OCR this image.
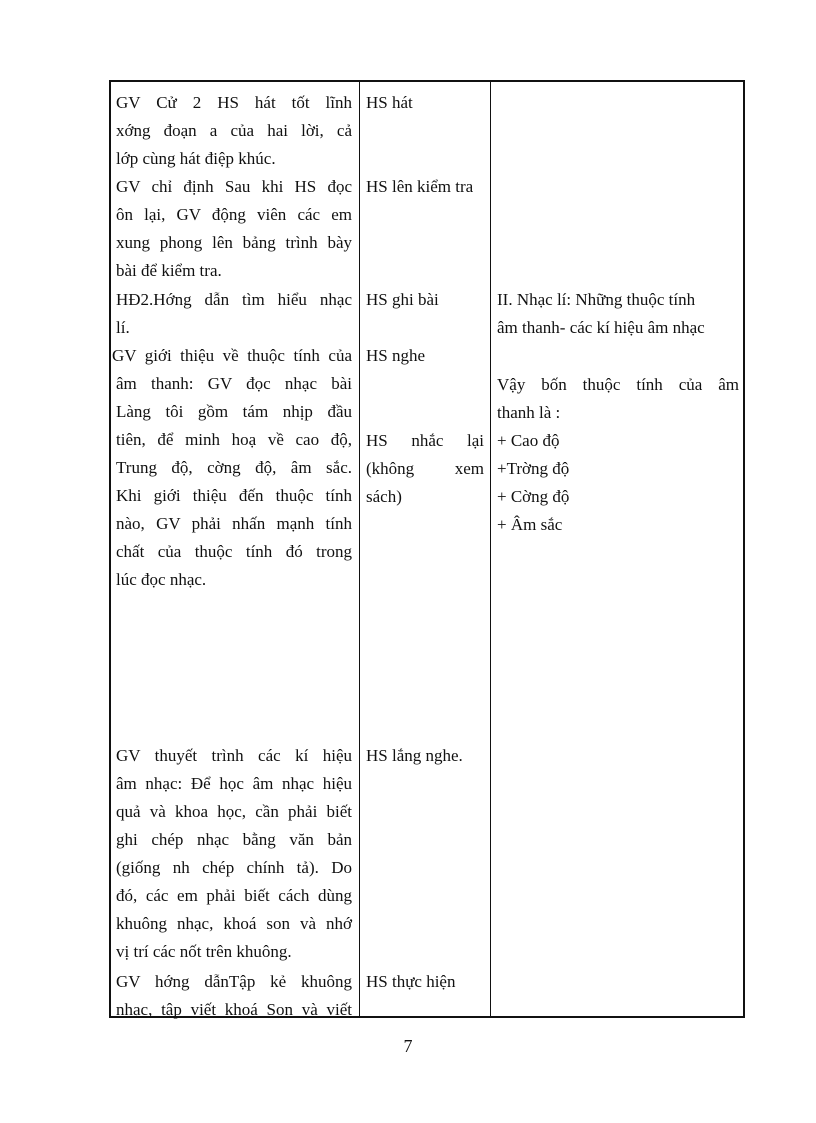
GV Cử 2 HS hát tốt lĩnh
xớng đoạn a của hai lời, cả
lớp cùng hát điệp khúc.
GV chỉ định Sau khi HS đọc
ôn lại, GV động viên các em
xung phong lên bảng trình bày
bài để kiểm tra.
HĐ2.Hớng dẫn tìm hiểu nhạc
lí.
GV giới thiệu về thuộc tính của
âm thanh: GV đọc nhạc bài
Làng tôi gồm tám nhịp đầu
tiên, để minh hoạ về cao độ,
Trung độ, cờng độ, âm sắc.
Khi giới thiệu đến thuộc tính
nào, GV phải nhấn mạnh tính
chất của thuộc tính đó trong
lúc đọc nhạc.
GV thuyết trình các kí hiệu
âm nhạc: Để học âm nhạc hiệu
quả và khoa học, cần phải biết
ghi chép nhạc bằng văn bản
(giống nh chép chính tả). Do
đó, các em phải biết cách dùng
khuông nhạc, khoá son và nhớ
vị trí các nốt trên khuông.
GV hớng dẫnTập kẻ khuông
nhạc, tập viết khoá Son và viết
HS hát
HS lên kiểm tra
HS ghi bài
HS nghe
HS nhắc lại
(không xem
sách)
HS lắng nghe.
HS thực hiện
II. Nhạc lí: Những thuộc tính
âm thanh- các kí hiệu âm nhạc
Vậy bốn thuộc tính của âm
thanh là :
+ Cao độ
+Trờng độ
+ Cờng độ
+ Âm sắc
7
